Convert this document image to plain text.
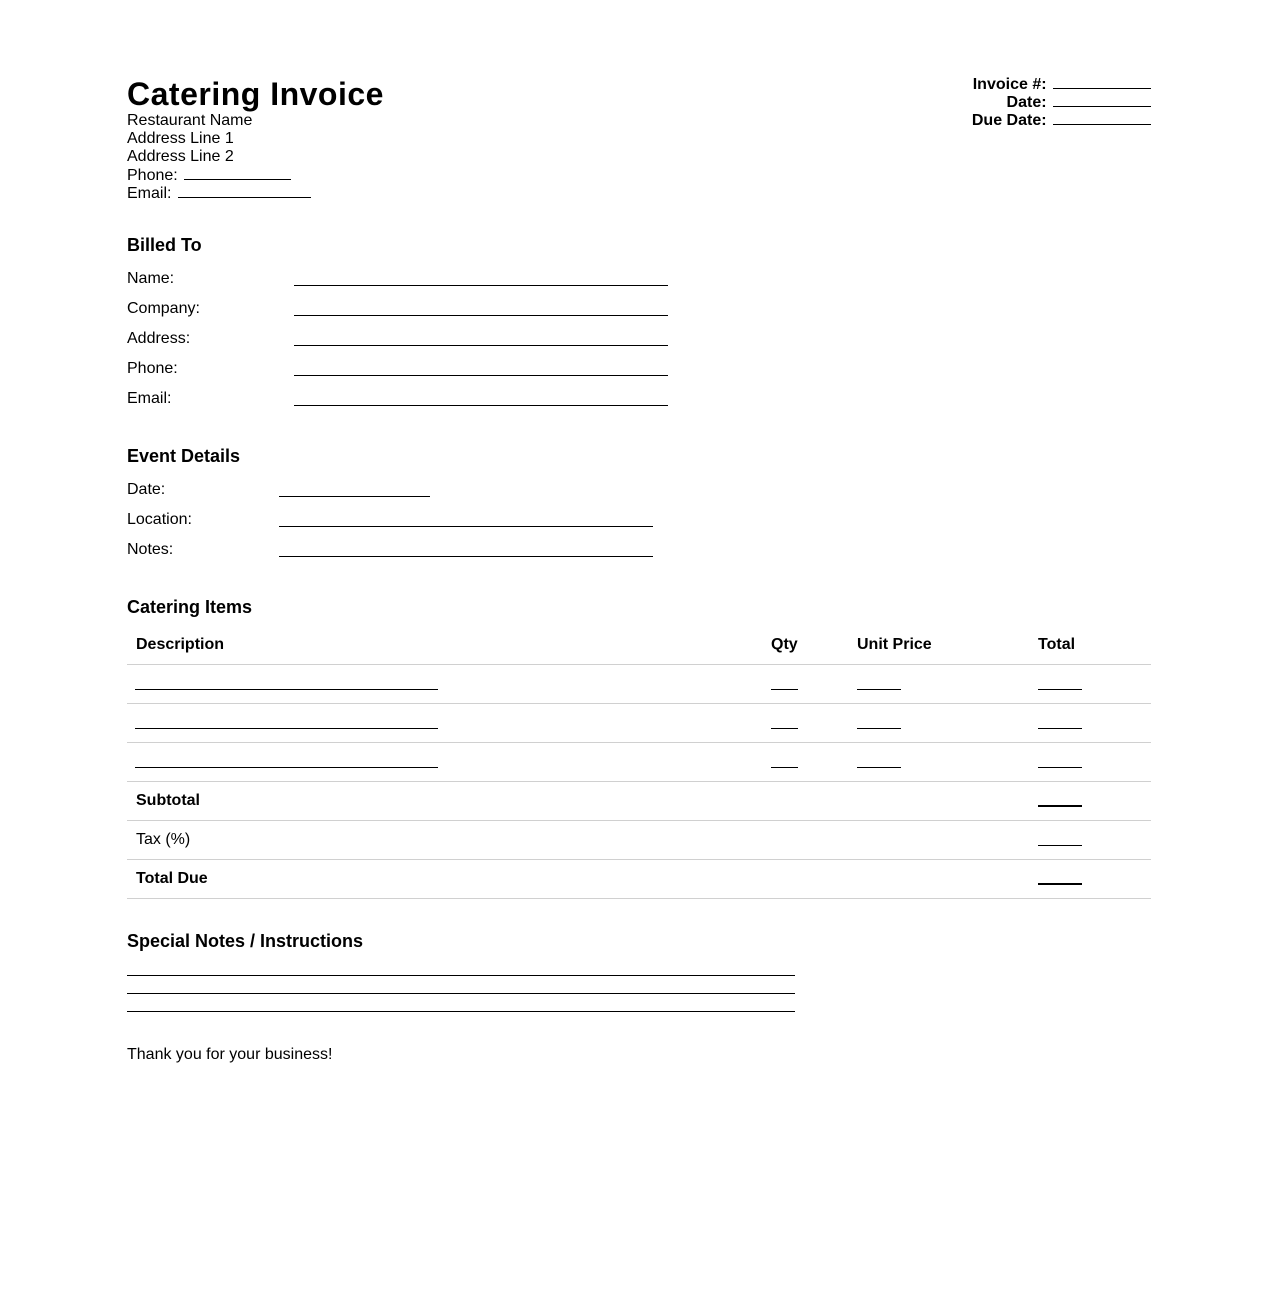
Catering Invoice
Restaurant Name
Address Line 1
Address Line 2
Phone:
Email:
Invoice #:
Date:
Due Date:
Billed To
Name:
Company:
Address:
Phone:
Email:
Event Details
Date:
Location:
Notes:
Catering Items
Description	Qty	Unit Price	Total
Subtotal
Tax (%)
Total Due
Special Notes / Instructions
Thank you for your business!
